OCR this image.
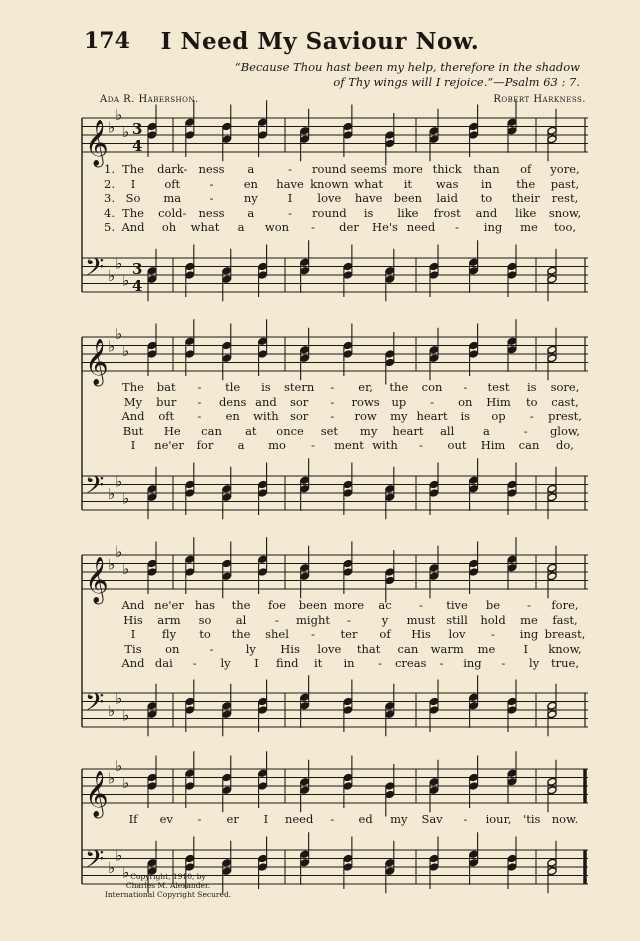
174	I Need My Saviour Now.
“Because Thou hast been my help, therefore in the shadow
of Thy wings will I rejoice.”—Psalm 63 : 7.
Ada R. Habershon.	Robert Harkness.
𝄞 ♭
♭
♭ 3
4
𝄢 ♭
♭
♭
3
4
𝄞 ♭
♭
♭
𝄢 ♭
♭
♭
𝄞 ♭
♭
♭
𝄢 ♭
♭
♭
𝄞 ♭
♭
♭
𝄢 ♭
♭
♭
1. The dark- ness a	- round seems more thick than of yore,
2. I	oft	-	en have known what it was in the past,
3. So ma -	ny	I love have been laid to their rest,
4. The cold- ness a	- round is like frost and like snow,
5. And oh what a won - der He's need - ing me too,
The bat - tle is stern - er, the con - test is sore,
My bur - dens and sor - rows up - on Him to cast,
And oft - en with sor - row my heart is op - prest,
But He can at once set my heart all a	- glow,
I ne'er for a mo - ment with - out Him can do,
And ne'er has the foe been more ac - tive be - fore,
His arm so al	- might -	y must still hold me fast,
I fly to the shel - ter of His lov - ing breast,
Tis on	-	ly His love that can warm me I know,
And dai - ly I find it in - creas - ing - ly true,
If ev - er I need - ed my Sav - iour, 'tis now.
Copyright, 1910, by
Charles M. Alexander.
International Copyright Secured.
